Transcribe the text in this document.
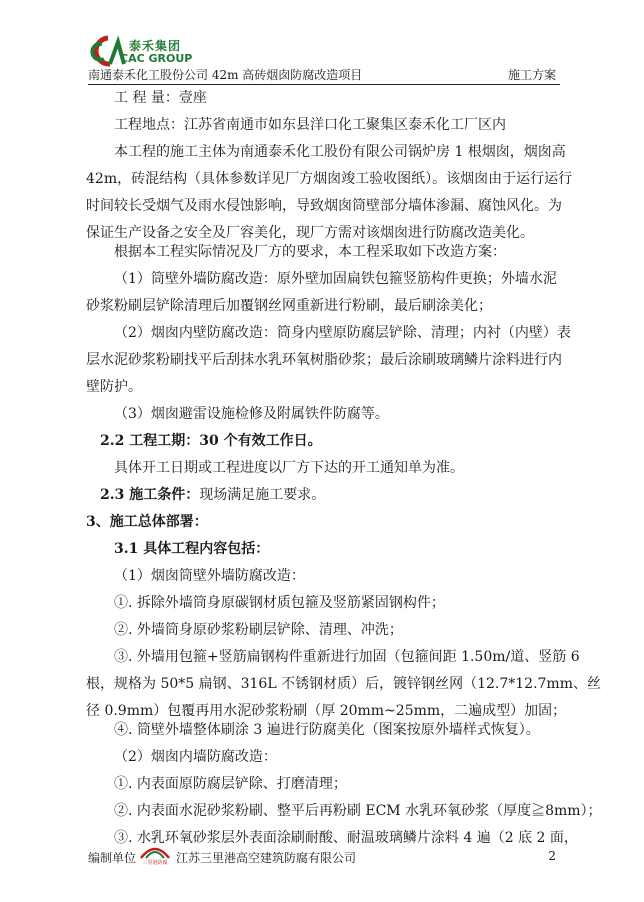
泰禾集团
CAC GROUP
南通泰禾化工股份公司 42m 高砖烟囱防腐改造项目	施工方案
工 程 量：壹座
工程地点：江苏省南通市如东县洋口化工聚集区泰禾化工厂区内
本工程的施工主体为南通泰禾化工股份有限公司锅炉房 1 根烟囱，烟囱高
42m，砖混结构（具体参数详见厂方烟囱竣工验收图纸）。该烟囱由于运行运行
时间较长受烟气及雨水侵蚀影响，导致烟囱筒壁部分墙体渗漏、腐蚀风化。为
保证生产设备之安全及厂容美化，现厂方需对该烟囱进行防腐改造美化。
根据本工程实际情况及厂方的要求，本工程采取如下改造方案：
（1）筒壁外墙防腐改造：原外壁加固扁铁包箍竖筋构件更换；外墙水泥
砂浆粉刷层铲除清理后加覆钢丝网重新进行粉刷，最后刷涂美化；
（2）烟囱内壁防腐改造：筒身内壁原防腐层铲除、清理；内衬（内壁）表
层水泥砂浆粉刷找平后刮抹水乳环氧树脂砂浆；最后涂刷玻璃鳞片涂料进行内
壁防护。
（3）烟囱避雷设施检修及附属铁件防腐等。
2.2 工程工期：30 个有效工作日。
具体开工日期或工程进度以厂方下达的开工通知单为准。
2.3 施工条件：现场满足施工要求。
3、施工总体部署：
3.1 具体工程内容包括：
（1）烟囱筒壁外墙防腐改造：
①. 拆除外墙筒身原碳钢材质包箍及竖筋紧固钢构件；
②. 外墙筒身原砂浆粉刷层铲除、清理、冲洗；
③. 外墙用包箍+竖筋扁钢构件重新进行加固（包箍间距 1.50m/道、竖筋 6
根，规格为 50*5 扁钢、316L 不锈钢材质）后，镀锌钢丝网（12.7*12.7mm、丝
径 0.9mm）包覆再用水泥砂浆粉刷（厚 20mm~25mm，二遍成型）加固；
④. 筒壁外墙整体刷涂 3 遍进行防腐美化（图案按原外墙样式恢复）。
（2）烟囱内墙防腐改造：
①. 内表面原防腐层铲除、打磨清理；
②. 内表面水泥砂浆粉刷、整平后再粉刷 ECM 水乳环氧砂浆（厚度≧8mm）；
③. 水乳环氧砂浆层外表面涂刷耐酸、耐温玻璃鳞片涂料 4 遍（2 底 2 面，
编制单位	三里港防腐 江苏三里港高空建筑防腐有限公司	2
